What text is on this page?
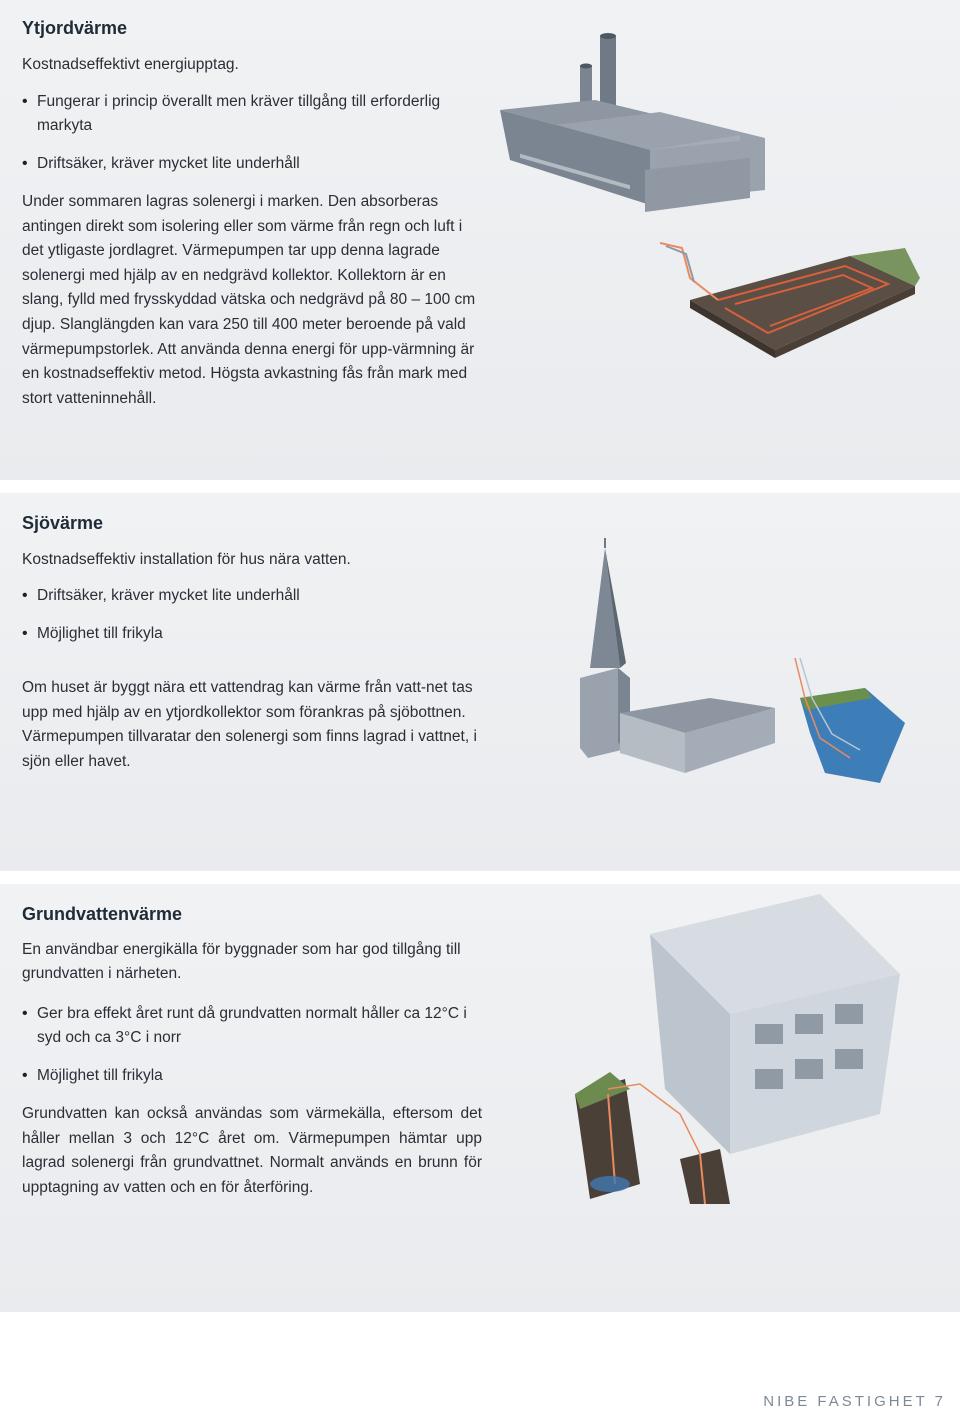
Ytjordvärme

Kostnadseffektivt energiupptag.

• Fungerar i princip överallt men kräver tillgång till erforderlig markyta
• Driftsäker, kräver mycket lite underhåll

Under sommaren lagras solenergi i marken. Den absorberas antingen direkt som isolering eller som värme från regn och luft i det ytligaste jordlagret. Värmepumpen tar upp denna lagrade solenergi med hjälp av en nedgrävd kollektor. Kollektorn är en slang, fylld med frysskyddad vätska och nedgrävd på 80 – 100 cm djup. Slanglängden kan vara 250 till 400 meter beroende på vald värmepumpstorlek. Att använda denna energi för upp-värmning är en kostnadseffektiv metod. Högsta avkastning fås från mark med stort vatteninnehåll.

Sjövärme

Kostnadseffektiv installation för hus nära vatten.

• Driftsäker, kräver mycket lite underhåll
• Möjlighet till frikyla

Om huset är byggt nära ett vattendrag kan värme från vatt-net tas upp med hjälp av en ytjordkollektor som förankras på sjöbottnen. Värmepumpen tillvaratar den solenergi som finns lagrad i vattnet, i sjön eller havet.

Grundvattenvärme

En användbar energikälla för byggnader som har god tillgång till grundvatten i närheten.

• Ger bra effekt året runt då grundvatten normalt håller ca 12°C i syd och ca 3°C i norr
• Möjlighet till frikyla

Grundvatten kan också användas som värmekälla, eftersom det håller mellan 3 och 12°C året om. Värmepumpen hämtar upp lagrad solenergi från grundvattnet. Normalt används en brunn för upptagning av vatten och en för återföring.

NIBE FASTIGHET 7
